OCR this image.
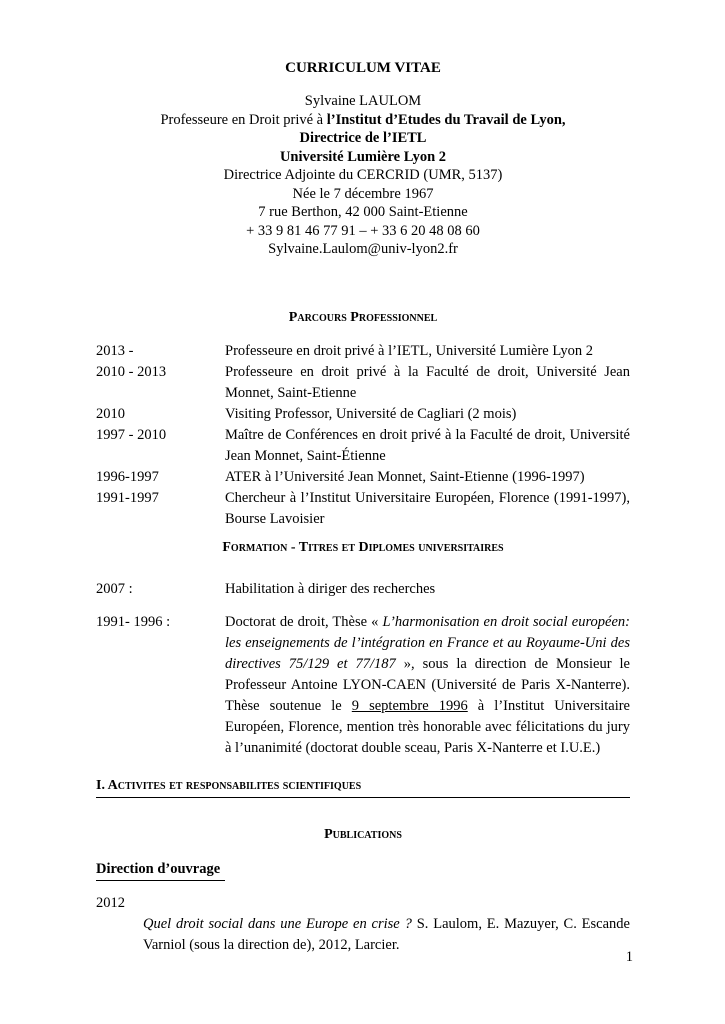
CURRICULUM VITAE

Sylvaine LAULOM

Professeure en Droit privé à l’Institut d’Etudes du Travail de Lyon,

Directrice de l’IETL

Université Lumière Lyon 2

Directrice Adjointe du CERCRID (UMR, 5137)

Née le 7 décembre 1967

7 rue Berthon, 42 000 Saint-Etienne

+ 33 9 81 46 77 91 – + 33 6 20 48 08 60

Sylvaine.Laulom@univ-lyon2.fr

Parcours Professionnel
2013 -	Professeure en droit privé à l’IETL, Université Lumière Lyon 2
2010 - 2013	Professeure en droit privé à la Faculté de droit, Université Jean Monnet, Saint-Etienne
2010	Visiting Professor, Université de Cagliari (2 mois)
1997 - 2010	Maître de Conférences en droit privé à la Faculté de droit, Université Jean Monnet, Saint-Étienne
1996-1997	ATER à l’Université Jean Monnet, Saint-Etienne (1996-1997)
1991-1997	Chercheur à l’Institut Universitaire Européen, Florence (1991-1997), Bourse Lavoisier
Formation - Titres et Diplomes universitaires
2007 :	Habilitation à diriger des recherches
1991- 1996 :	Doctorat de droit, Thèse « L’harmonisation en droit social européen: les enseignements de l’intégration en France et au Royaume-Uni des directives 75/129 et 77/187 », sous la direction de Monsieur le Professeur Antoine LYON-CAEN (Université de Paris X-Nanterre). Thèse soutenue le 9 septembre 1996 à l’Institut Universitaire Européen, Florence, mention très honorable avec félicitations du jury à l’unanimité (doctorat double sceau, Paris X-Nanterre et I.U.E.)
I. Activites et responsabilites scientifiques
Publications
Direction d’ouvrage
2012
Quel droit social dans une Europe en crise ? S. Laulom, E. Mazuyer, C. Escande Varniol (sous la direction de), 2012, Larcier.
1
